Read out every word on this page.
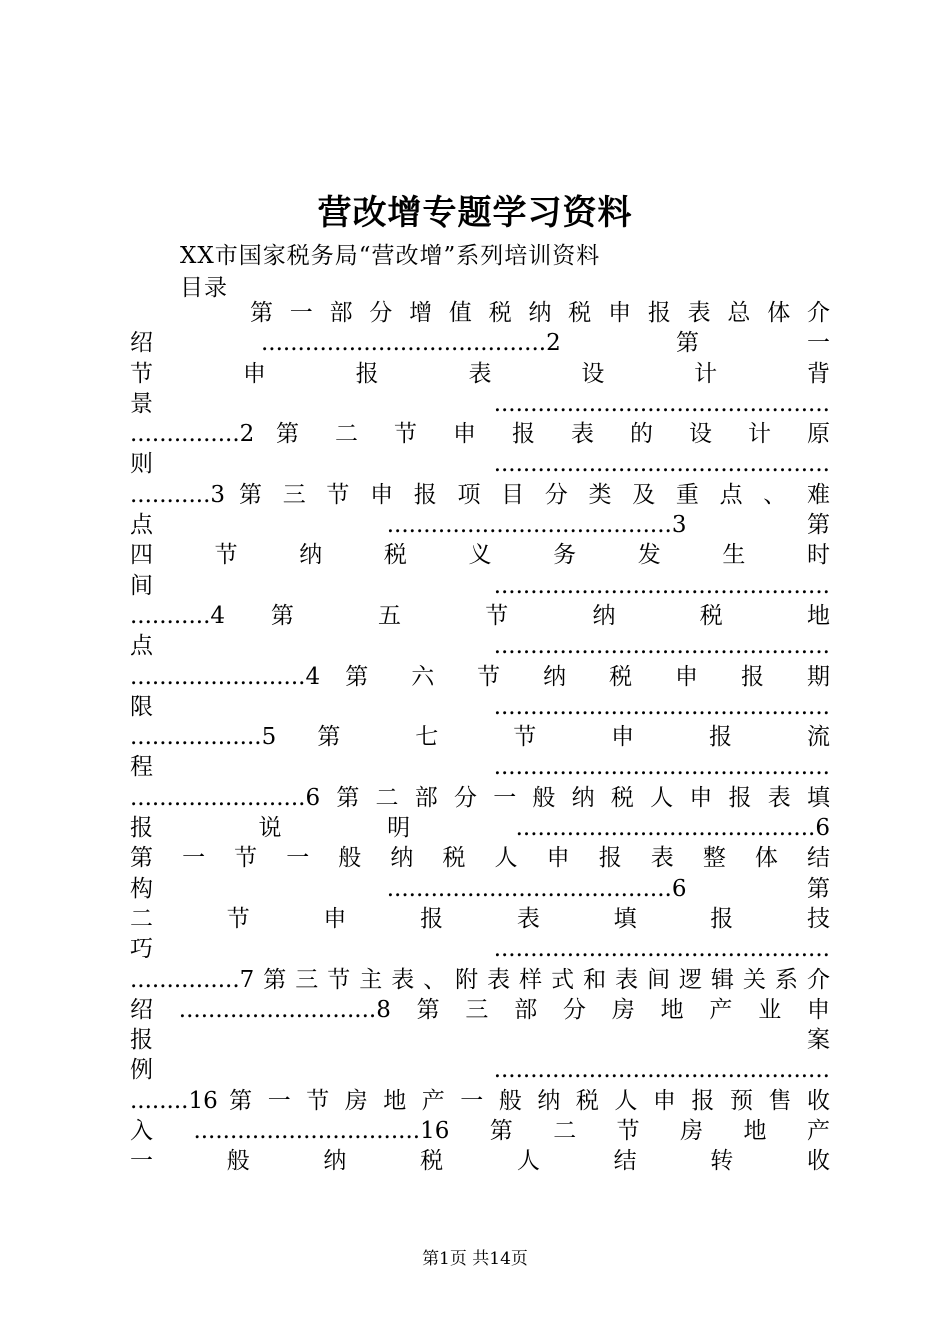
营改增专题学习资料
XX市国家税务局“营改增”系列培训资料
目录
第 一 部 分 增 值 税 纳 税 申 报 表 总 体 介
绍.......................................2 第一
节 申 报 表 设 计 背
景..............................................
...............2 第 二 节 申 报 表 的 设 计 原
则..............................................
...........3 第 三 节 申 报 项 目 分 类 及 重 点 、 难
点 .......................................3 第
四 节 纳 税 义 务 发 生 时
间..............................................
...........4 第 五 节 纳 税 地
点..............................................
........................4 第 六 节 纳 税 申 报 期
限..............................................
..................5 第 七 节 申 报 流
程..............................................
........................6第二部分一般纳税人申报表填
报说明.........................................6
第 一 节 一 般 纳 税 人 申 报 表 整 体 结
构 .......................................6 第
二 节 申 报 表 填 报 技
巧..............................................
...............7第三节主表、附表样式和表间逻辑关系介
绍...........................8第三部分房地产业申
报 案
例..............................................
........16 第 一 节 房 地 产 一 般 纳 税 人 申 报 预 售 收
入...............................16第二节房地产
一 般 纳 税 人 结 转 收
第1页 共14页
